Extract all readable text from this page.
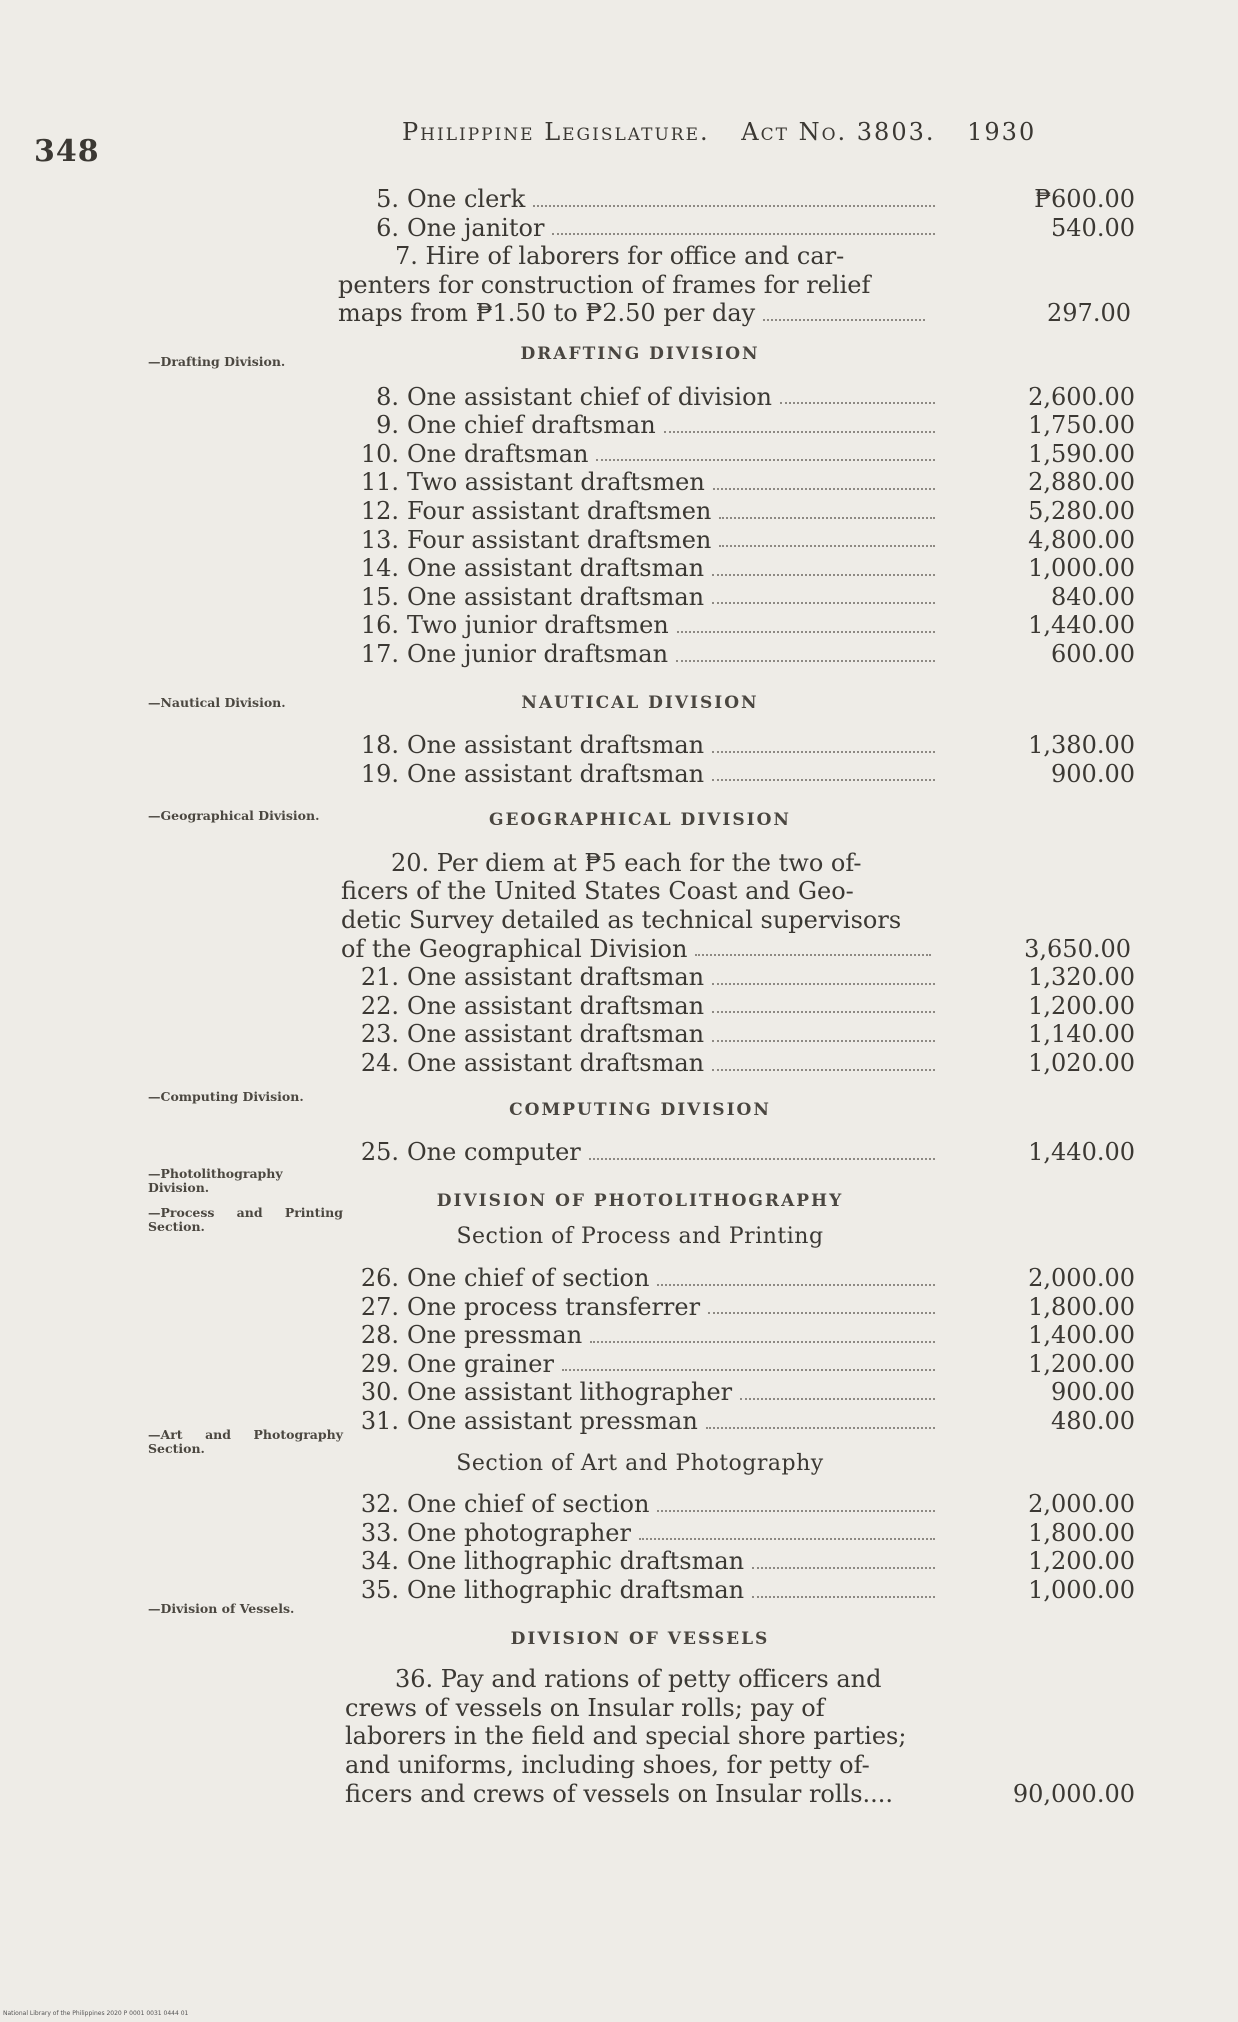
348
Philippine Legislature. Act No. 3803. 1930
—Drafting Division.
—Nautical Division.
—Geographical Division.
—Computing Division.
—Photolithography Division.
—Process and Printing Section.
—Art and Photography Section.
—Division of Vessels.
5. One clerk	₱600.00
6. One janitor	540.00
7. Hire of laborers for office and car-
penters for construction of frames for relief
maps from ₱1.50 to ₱2.50 per day	297.00
DRAFTING DIVISION
8. One assistant chief of division	2,600.00
9. One chief draftsman	1,750.00
10. One draftsman	1,590.00
11. Two assistant draftsmen	2,880.00
12. Four assistant draftsmen	5,280.00
13. Four assistant draftsmen	4,800.00
14. One assistant draftsman	1,000.00
15. One assistant draftsman	840.00
16. Two junior draftsmen	1,440.00
17. One junior draftsman	600.00
NAUTICAL DIVISION
18. One assistant draftsman	1,380.00
19. One assistant draftsman	900.00
GEOGRAPHICAL DIVISION
20. Per diem at ₱5 each for the two of-
ficers of the United States Coast and Geo-
detic Survey detailed as technical supervisors
of the Geographical Division	3,650.00
21. One assistant draftsman	1,320.00
22. One assistant draftsman	1,200.00
23. One assistant draftsman	1,140.00
24. One assistant draftsman	1,020.00
COMPUTING DIVISION
25. One computer	1,440.00
DIVISION OF PHOTOLITHOGRAPHY
Section of Process and Printing
26. One chief of section	2,000.00
27. One process transferrer	1,800.00
28. One pressman	1,400.00
29. One grainer	1,200.00
30. One assistant lithographer	900.00
31. One assistant pressman	480.00
Section of Art and Photography
32. One chief of section	2,000.00
33. One photographer	1,800.00
34. One lithographic draftsman	1,200.00
35. One lithographic draftsman	1,000.00
DIVISION OF VESSELS
36. Pay and rations of petty officers and
crews of vessels on Insular rolls; pay of
laborers in the field and special shore parties;
and uniforms, including shoes, for petty of-
ficers and crews of vessels on Insular rolls....	90,000.00
National Library of the Philippines 2020 P 0001 0031 0444 01
